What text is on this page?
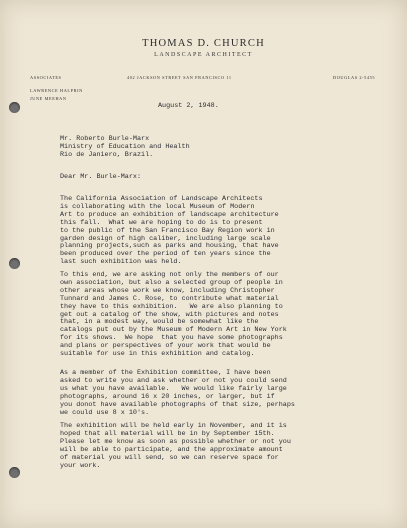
THOMAS D. CHURCH
LANDSCAPE ARCHITECT
ASSOCIATES	402 JACKSON STREET SAN FRANCISCO 11	DOUGLAS 2-5455
LAWRENCE HALPRIN
JUNE MEEHAN
August 2, 1948.
Mr. Roberto Burle-Marx
Ministry of Education and Health
Rio de Janiero, Brazil.
Dear Mr. Burle-Marx:
The California Association of Landscape Architects
is collaborating with the local Museum of Modern
Art to produce an exhibition of landscape architecture
this fall.  What we are hoping to do is to present
to the public of the San Francisco Bay Region work in
garden design of high caliber, including large scale
planning projects,such as parks and housing, that have
been produced over the period of ten years since the
last such exhibition was held.
To this end, we are asking not only the members of our
own association, but also a selected group of people in
other areas whose work we know, including Christopher
Tunnard and James C. Rose, to contribute what material
they have to this exhibition.   We are also planning to
get out a catalog of the show, with pictures and notes
that, in a modest way, would be somewhat like the
catalogs put out by the Museum of Modern Art in New York
for its shows.  We hope  that you have some photographs
and plans or perspectives of your work that would be
suitable for use in this exhibition and catalog.
As a member of the Exhibition committee, I have been
asked to write you and ask whether or not you could send
us what you have available.   We would like fairly large
photographs, around 16 x 20 inches, or larger, but if
you donot have available photographs of that size, perhaps
we could use 8 x 10's.
The exhibition will be held early in November, and it is
hoped that all material will be in by September 15th.
Please let me know as soon as possible whether or not you
will be able to participate, and the approximate amount
of material you will send, so we can reserve space for
your work.
